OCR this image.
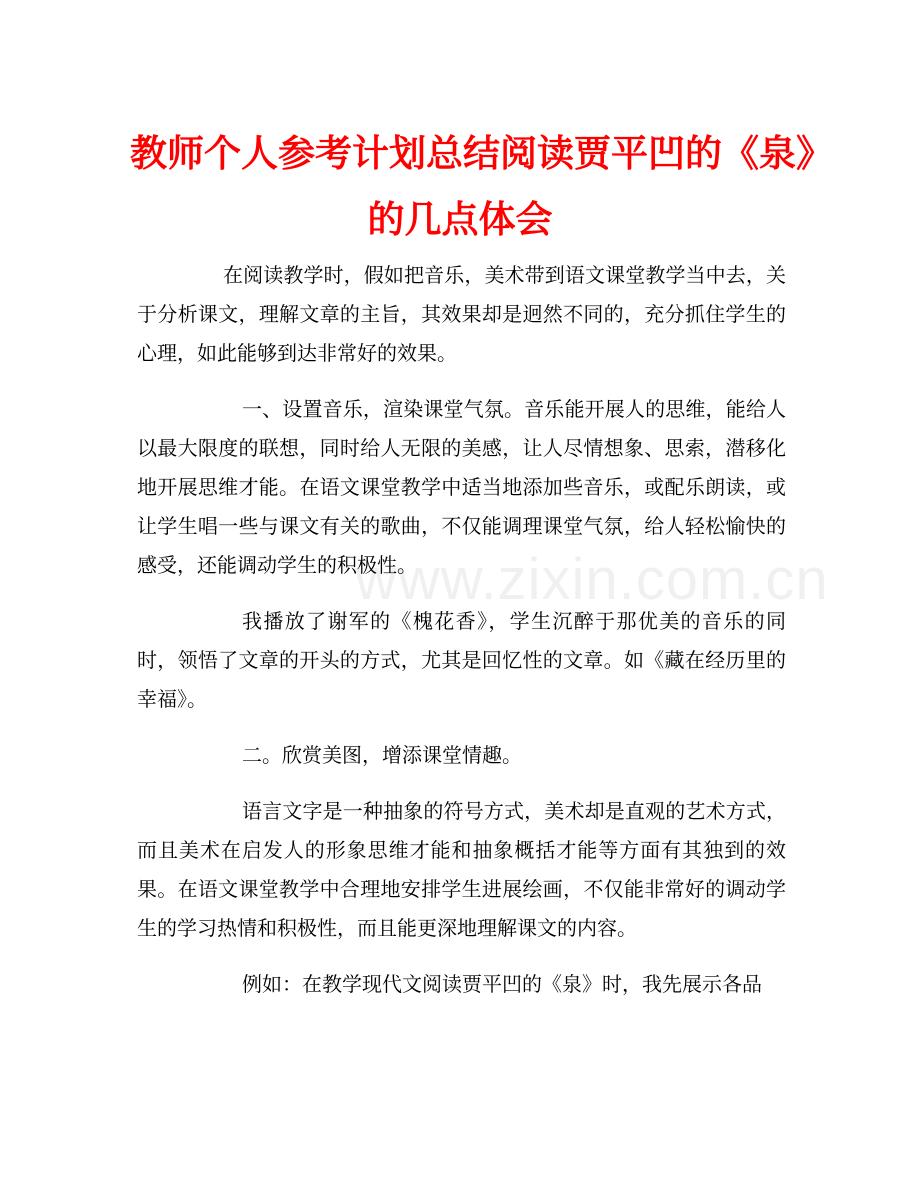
教师个人参考计划总结阅读贾平凹的《泉》
的几点体会
www.zixin.com.cn

在阅读教学时，假如把音乐，美术带到语文课堂教学当中去，关于分析课文，理解文章的主旨，其效果却是迥然不同的，充分抓住学生的心理，如此能够到达非常好的效果。

一、设置音乐，渲染课堂气氛。音乐能开展人的思维，能给人以最大限度的联想，同时给人无限的美感，让人尽情想象、思索，潜移化地开展思维才能。在语文课堂教学中适当地添加些音乐，或配乐朗读，或让学生唱一些与课文有关的歌曲，不仅能调理课堂气氛，给人轻松愉快的感受，还能调动学生的积极性。

我播放了谢军的《槐花香》，学生沉醉于那优美的音乐的同时，领悟了文章的开头的方式，尤其是回忆性的文章。如《藏在经历里的幸福》。

二。欣赏美图，增添课堂情趣。

语言文字是一种抽象的符号方式，美术却是直观的艺术方式，而且美术在启发人的形象思维才能和抽象概括才能等方面有其独到的效果。在语文课堂教学中合理地安排学生进展绘画，不仅能非常好的调动学生的学习热情和积极性，而且能更深地理解课文的内容。

例如：在教学现代文阅读贾平凹的《泉》时，我先展示各品
